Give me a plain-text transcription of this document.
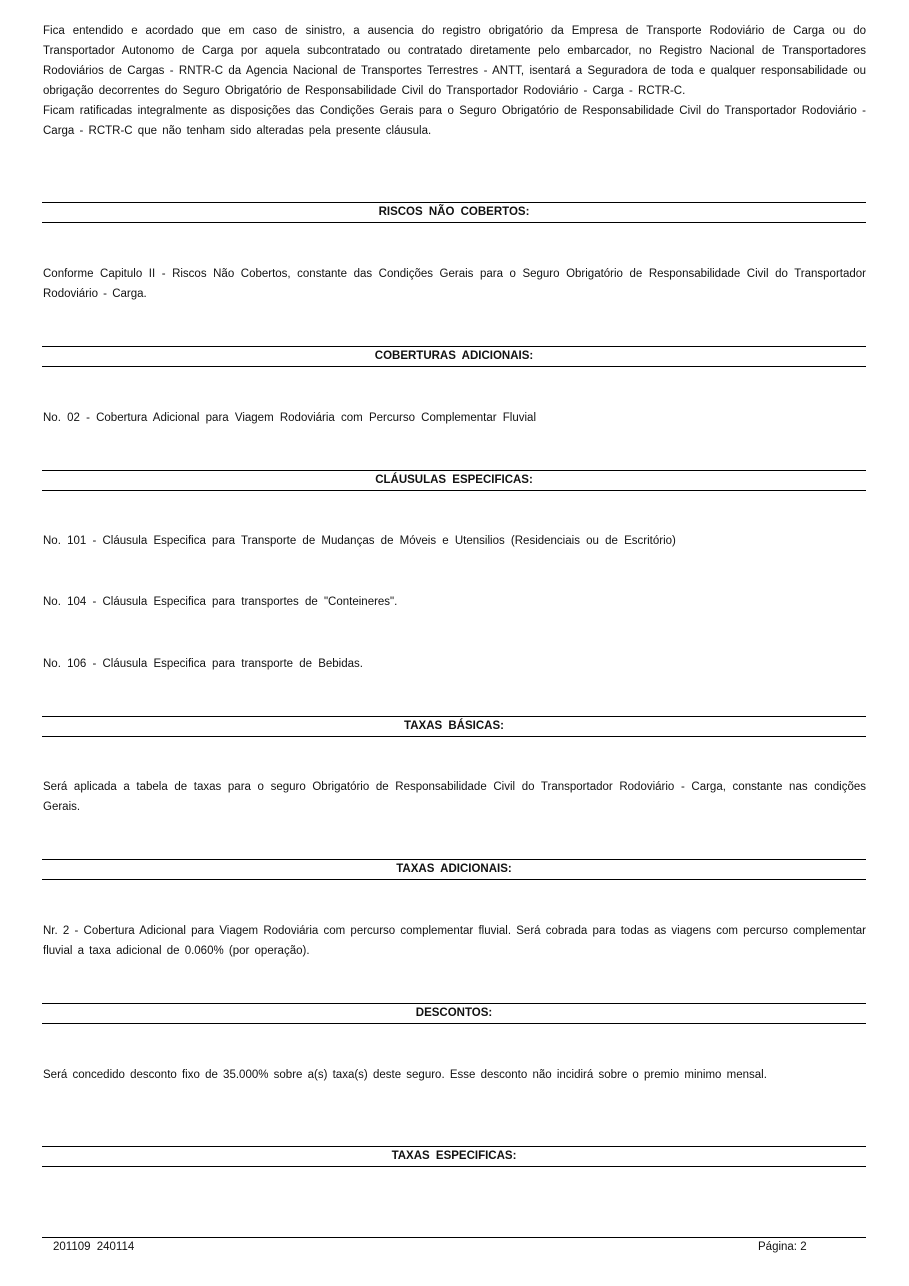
Fica entendido e acordado que em caso de sinistro, a ausencia do registro obrigatório da Empresa de Transporte Rodoviário de Carga ou do Transportador Autonomo de Carga por aquela subcontratado ou contratado diretamente pelo embarcador, no Registro Nacional de Transportadores Rodoviários de Cargas - RNTR-C da Agencia Nacional de Transportes Terrestres - ANTT, isentará a Seguradora de toda e qualquer responsabilidade ou obrigação decorrentes do Seguro Obrigatório de Responsabilidade Civil do Transportador Rodoviário - Carga - RCTR-C.
Ficam ratificadas integralmente as disposições das Condições Gerais para o Seguro Obrigatório de Responsabilidade Civil do Transportador Rodoviário - Carga - RCTR-C que não tenham sido alteradas pela presente cláusula.
RISCOS NÃO COBERTOS:
Conforme Capitulo II - Riscos Não Cobertos, constante das Condições Gerais para o Seguro Obrigatório de Responsabilidade Civil do Transportador Rodoviário - Carga.
COBERTURAS ADICIONAIS:
No. 02 - Cobertura Adicional para Viagem Rodoviária com Percurso Complementar Fluvial
CLÁUSULAS ESPECIFICAS:
No. 101 - Cláusula Especifica para Transporte de Mudanças de Móveis e Utensilios (Residenciais ou de Escritório)
No. 104 - Cláusula Especifica para transportes de "Conteineres".
No. 106 - Cláusula Especifica para transporte de Bebidas.
TAXAS BÁSICAS:
Será aplicada a tabela de taxas para o seguro Obrigatório de Responsabilidade Civil do Transportador Rodoviário - Carga, constante nas condições Gerais.
TAXAS ADICIONAIS:
Nr. 2 - Cobertura Adicional para Viagem Rodoviária com percurso complementar fluvial. Será cobrada para todas as viagens com percurso complementar fluvial a taxa adicional de 0.060% (por operação).
DESCONTOS:
Será concedido desconto fixo de 35.000% sobre a(s) taxa(s) deste seguro. Esse desconto não incidirá sobre o premio minimo mensal.
TAXAS ESPECIFICAS:
201109 240114	Página: 2
